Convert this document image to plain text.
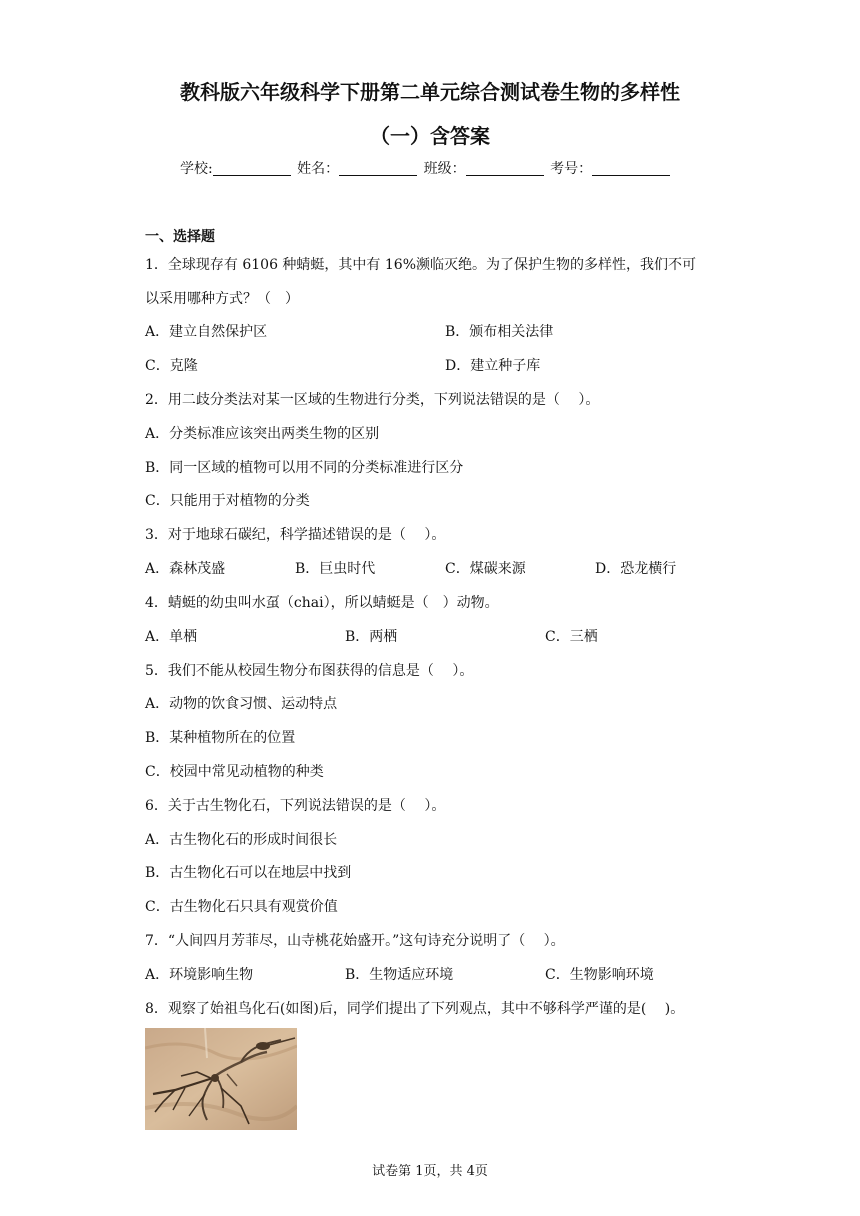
教科版六年级科学下册第二单元综合测试卷生物的多样性
（一）含答案
学校:	姓名：	班级：	考号：
一、选择题
1．全球现存有 6106 种蜻蜓，其中有 16%濒临灭绝。为了保护生物的多样性，我们不可
以采用哪种方式？（　）
A．建立自然保护区	B．颁布相关法律
C．克隆	D．建立种子库
2．用二歧分类法对某一区域的生物进行分类，下列说法错误的是（　 ）。
A．分类标准应该突出两类生物的区别
B．同一区域的植物可以用不同的分类标准进行区分
C．只能用于对植物的分类
3．对于地球石碳纪，科学描述错误的是（　 ）。
A．森林茂盛	B．巨虫时代	C．煤碳来源	D．恐龙横行
4．蜻蜓的幼虫叫水虿（chai），所以蜻蜓是（　）动物。
A．单栖	B．两栖	C．三栖
5．我们不能从校园生物分布图获得的信息是（　 ）。
A．动物的饮食习惯、运动特点
B．某种植物所在的位置
C．校园中常见动植物的种类
6．关于古生物化石，下列说法错误的是（　 ）。
A．古生物化石的形成时间很长
B．古生物化石可以在地层中找到
C．古生物化石只具有观赏价值
7．“人间四月芳菲尽，山寺桃花始盛开。”这句诗充分说明了（　 ）。
A．环境影响生物	B．生物适应环境	C．生物影响环境
8．观察了始祖鸟化石(如图)后，同学们提出了下列观点，其中不够科学严谨的是(　 )。
试卷第 1页，共 4页
